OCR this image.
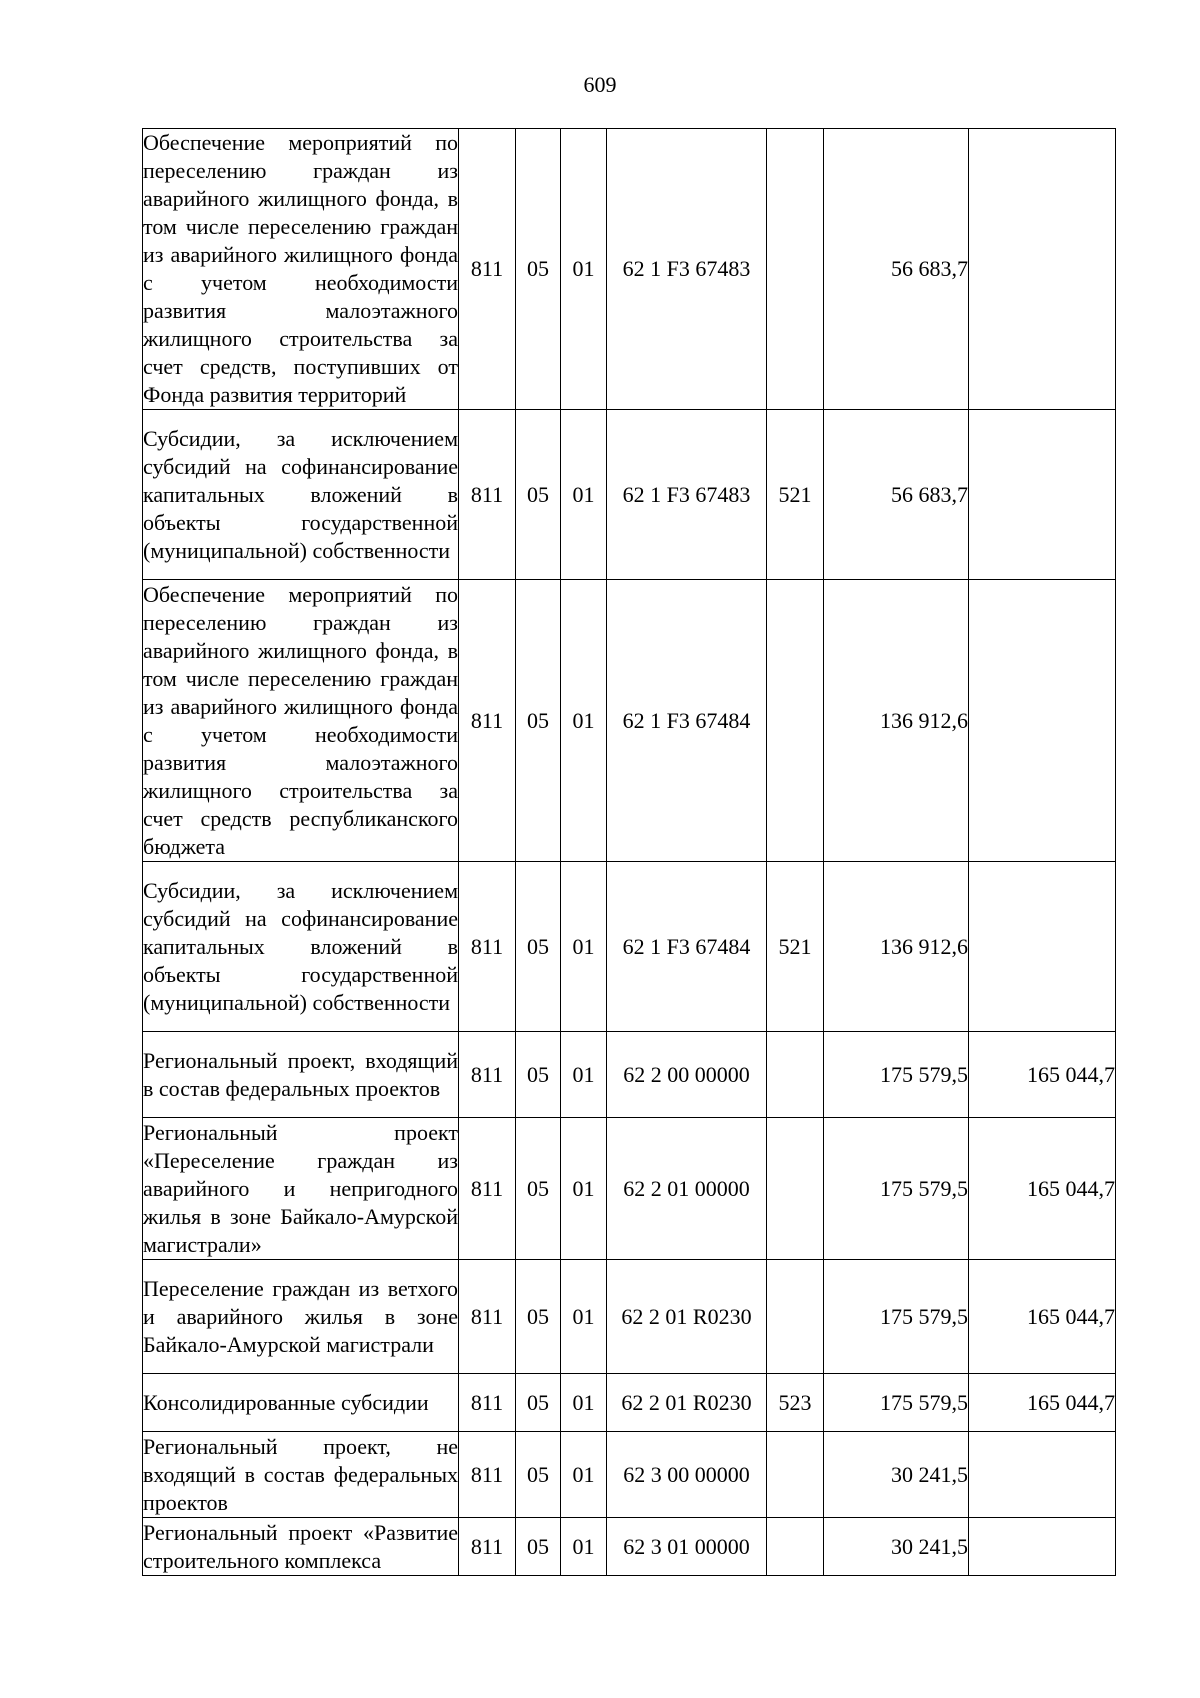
609
Обеспечение мероприятий по переселению граждан из аварийного жилищного фонда, в том числе переселению граждан из аварийного жилищного фонда с учетом необходимости развития малоэтажного жилищного строительства за счет средств, поступивших от Фонда развития территорий	811	05	01	62 1 F3 67483		56 683,7	
Субсидии, за исключением субсидий на софинансирование капитальных вложений в объекты государственной (муниципальной) собственности	811	05	01	62 1 F3 67483	521	56 683,7	
Обеспечение мероприятий по переселению граждан из аварийного жилищного фонда, в том числе переселению граждан из аварийного жилищного фонда с учетом необходимости развития малоэтажного жилищного строительства за счет средств республиканского бюджета	811	05	01	62 1 F3 67484		136 912,6	
Субсидии, за исключением субсидий на софинансирование капитальных вложений в объекты государственной (муниципальной) собственности	811	05	01	62 1 F3 67484	521	136 912,6	
Региональный проект, входящий в состав федеральных проектов	811	05	01	62 2 00 00000		175 579,5	165 044,7
Региональный проект «Переселение граждан из аварийного и непригодного жилья в зоне Байкало-Амурской магистрали»	811	05	01	62 2 01 00000		175 579,5	165 044,7
Переселение граждан из ветхого и аварийного жилья в зоне Байкало-Амурской магистрали	811	05	01	62 2 01 R0230		175 579,5	165 044,7
Консолидированные субсидии	811	05	01	62 2 01 R0230	523	175 579,5	165 044,7
Региональный проект, не входящий в состав федеральных проектов	811	05	01	62 3 00 00000		30 241,5	
Региональный проект «Развитие строительного комплекса	811	05	01	62 3 01 00000		30 241,5	
